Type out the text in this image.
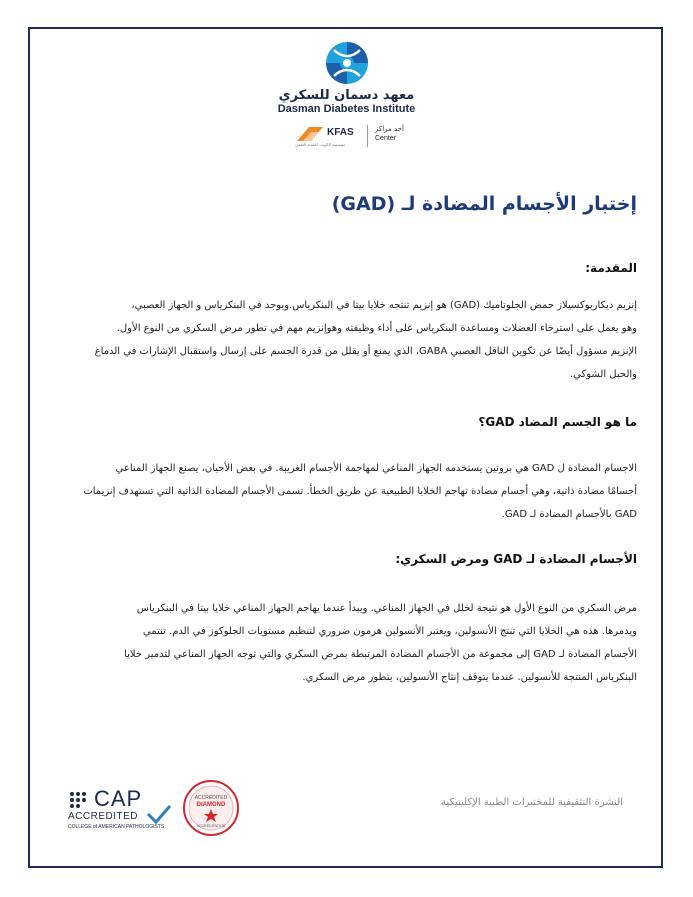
معهد دسمان للسكري
Dasman Diabetes Institute
KFAS	أحد مراكز
Center
مؤسسة الكويت للتقدم العلمي
إختبار الأجسام المضادة لـ (GAD)
المقدمة:
إنزيم ديكاربوكسيلاز حمض الجلوتاميك (GAD) هو إنزيم تنتجه خلايا بيتا في البنكرياس.ويوجد في البنكرياس و الجهاز العصبي،
وهو يعمل على استرخاء العضلات ومساعدة البنكرياس على أداء وظيفته وهوإنزيم مهم في تطور مرض السكري من النوع الأول.
الإنزيم مسؤول أيضًا عن تكوين الناقل العصبي GABA، الذي يمنع أو يقلل من قدرة الجسم على إرسال واستقبال الإشارات في الدماغ
والحبل الشوكي.
ما هو الجسم المضاد GAD؟
الاجسام المضادة ل GAD هي بروتين يستخدمه الجهاز المناعي لمهاجمة الأجسام الغريبة. في بعض الأحيان، يصنع الجهاز المناعي
أجسامًا مضادة ذاتية، وهي أجسام مضادة تهاجم الخلايا الطبيعية عن طريق الخطأ. تسمى الأجسام المضادة الذاتية التي تستهدف إنزيمات
GAD بالأجسام المضادة لـ GAD.
الأجسام المضادة لـ GAD ومرض السكري:
مرض السكري من النوع الأول هو نتيجة لخلل في الجهاز المناعي. ويبدأ عندما يهاجم الجهاز المناعي خلايا بيتا في البنكرياس
ويدمرها. هذه هي الخلايا التي تنتج الأنسولين، ويعتبر الأنسولين هرمون ضروري لتنظيم مستويات الجلوكوز في الدم. تنتمي
الأجسام المضادة لـ GAD إلى مجموعة من الأجسام المضادة المرتبطة بمرض السكري والتي توجه الجهاز المناعي لتدمير خلايا
البنكرياس المنتجة للأنسولين. عندما يتوقف إنتاج الأنسولين، يتطور مرض السكري.
CAP
ACCREDITED
COLLEGE of AMERICAN PATHOLOGISTS
ACCREDITED
DIAMOND
ACCREDITATION
النشرة التثقيفية للمختبرات الطبية الإكلينيكية
